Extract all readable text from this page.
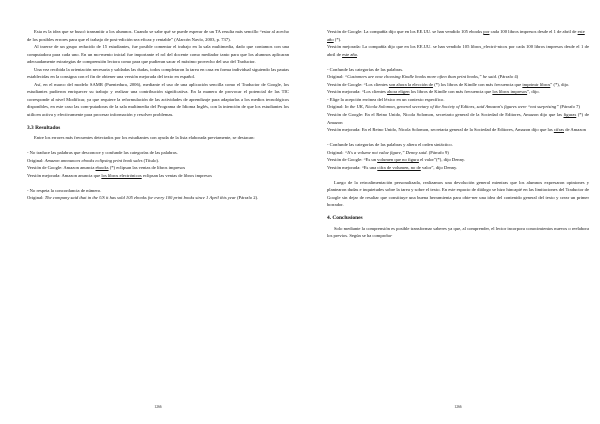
Esta es la idea que se buscó transmitir a los alumnos. Cuando se sabe qué se puede esperar de un TA resulta más sencillo “estar al acecho de los posibles errores para que el trabajo de post-edición sea eficaz y rentable” (Alarcón Navío, 2003, p. 737).

Al traerse de un grupo reducido de 15 estudiantes, fue posible comentar el trabajo en la sala multimedia, dado que contamos con una computadora para cada uno. En un mo-mento inicial fue importante el rol del docente como mediador tanto para que los alumnos aplicaran adecuadamente estrategias de comprensión lectora como para que pudieran sacar el máximo provecho del uso del Traductor.

Una vez recibida la orientación necesaria y saldadas las dudas, todos completaron la tarea en casa en forma individual siguiendo las pautas establecidas en la consigna con el fin de obtener una versión mejorada del texto en español.

Así, en el marco del modelo SAMR (Puentedura, 2006), mediante el uso de una aplicación sencilla como el Traductor de Google, los estudiantes pudieron enriquecer su trabajo y realizar una contribución significativa. En la manera de provocar el potencial de las TIC corresponde al nivel Modificar, ya que requiere la reformulación de las actividades de aprendizaje para adaptarlas a los medios tecnológicos disponibles, en este caso las com-putadoras de la sala multimedia del Programa de Idioma Inglés, con la intención de que los estudiantes los utilicen activa y efectivamente para procesar información y resolver problemas.

3.3 Resultados

Entre los errores más frecuentes detectados por los estudiantes con ayuda de la lista elaborada previamente, se destacan:

- No traduce las palabras que desconoce y confunde las categorías de las palabras.

Original: Amazon announces ebooks eclipsing print book sales (Título).

Versión de Google: Amazon anuncia ebooks (*) eclipsan las ventas de libros impresos

Versión mejorada: Amazon anuncia que los libros electrónicos eclipsan las ventas de libros impresos

- No respeta la concordancia de número.

Original: The company said that in the US it has sold 105 ebooks for every 100 print books since 1 April this year (Párrafo 2).

1266

Versión de Google: La compañía dijo que en los EE.UU. se han vendido 105 ebooks por cada 100 libros impresos desde el 1 de abril de este año (*).

Versión mejorada: La compañía dijo que en los EE.UU. se han vendido 105 libros_electró-nicos por cada 100 libros impresos desde el 1 de abril de este año.

- Confunde las categorías de las palabras.

Original: “Customers are now choosing Kindle books more often than print books,” he said. (Párrafo 4)

Versión de Google: “Los clientes son ahora la elección de (*) los libros de Kindle con más frecuencia que imprimir libros” (*), dijo.

Versión mejorada: “Los clientes ahora eligen los libros de Kindle con más frecuencia que los libros impresos”, dijo.

- Elige la acepción errónea del léxico en un contexto específico.

Original: In the UK, Nicola Solomon, general secretary of the Society of Editors, said Amazon's figures were “not surprising” (Párrafo 7)

Versión de Google: En el Reino Unido, Nicola Solomon, secretario general de la Sociedad de Editores, Amazon dijo que las figuras (*) de Amazon

Versión mejorada: En el Reino Unido, Nicola Solomon, secretaria general de la Sociedad de Editores, Amazon dijo que las cifras de Amazon

- Confunde las categorías de las palabras y altera el orden sintáctico.

Original: “It's a volume not value figure,” Denny said. (Párrafo 9)

Versión de Google: “Es un volumen que no figura el valor”(*), dijo Denny.

Versión mejorada: “Es una cifra de volumen, no de valor”, dijo Denny.

Luego de la retroalimentación personalizada, realizamos una devolución general mientras que los alumnos expresaron opiniones y plantearon dudas e inquietudes sobre la tarea y sobre el texto. En este espacio de diálogo se hizo hincapié en las limitaciones del Traductor de Google sin dejar de resaltar que constituye una buena herramienta para obte-ner una idea del contenido general del texto y crear un primer borrador.

4. Conclusiones

Solo mediante la comprensión es posible transformar saberes ya que, al comprender, el lector incorpora conocimientos nuevos o reelabora los previos. Según se ha comproba-

1266
